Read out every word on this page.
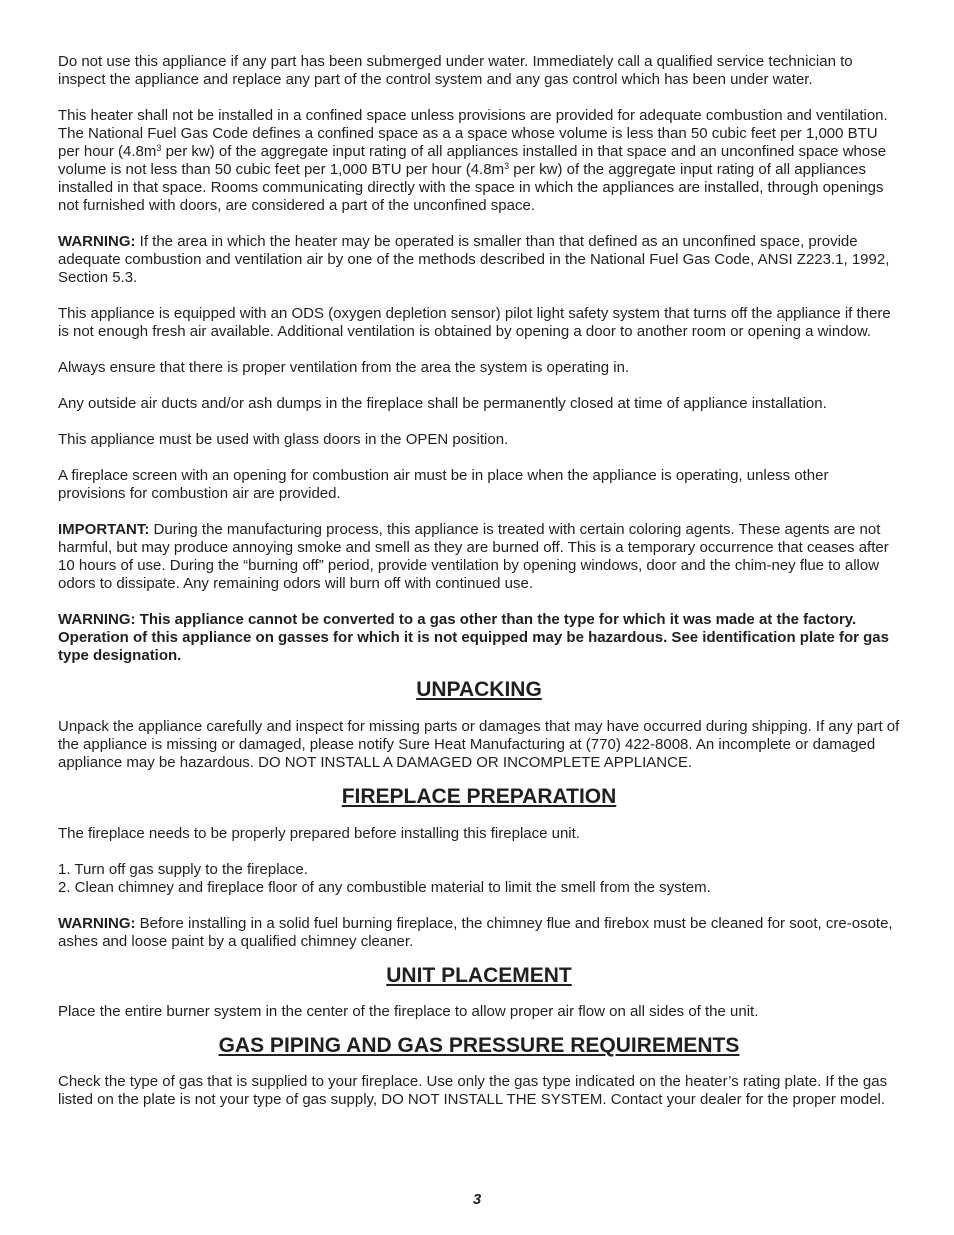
Do not use this appliance if any part has been submerged under water. Immediately call a qualified service technician to inspect the appliance and replace any part of the control system and any gas control which has been under water.

This heater shall not be installed in a confined space unless provisions are provided for adequate combustion and ventilation. The National Fuel Gas Code defines a confined space as a a space whose volume is less than 50 cubic feet per 1,000 BTU per hour ($4.8m^3$ per kw) of the aggregate input rating of all appliances installed in that space and an unconfined space whose volume is not less than 50 cubic feet per 1,000 BTU per hour ($4.8m^3$ per kw) of the aggregate input rating of all appliances installed in that space. Rooms communicating directly with the space in which the appliances are installed, through openings not furnished with doors, are considered a part of the unconfined space.

WARNING: If the area in which the heater may be operated is smaller than that defined as an unconfined space, provide adequate combustion and ventilation air by one of the methods described in the National Fuel Gas Code, ANSI Z223.1, 1992, Section 5.3.

This appliance is equipped with an ODS (oxygen depletion sensor) pilot light safety system that turns off the appliance if there is not enough fresh air available. Additional ventilation is obtained by opening a door to another room or opening a window.

Always ensure that there is proper ventilation from the area the system is operating in.

Any outside air ducts and/or ash dumps in the fireplace shall be permanently closed at time of appliance installation.

This appliance must be used with glass doors in the OPEN position.

A fireplace screen with an opening for combustion air must be in place when the appliance is operating, unless other provisions for combustion air are provided.

IMPORTANT: During the manufacturing process, this appliance is treated with certain coloring agents. These agents are not harmful, but may produce annoying smoke and smell as they are burned off. This is a temporary occurrence that ceases after 10 hours of use. During the “burning off” period, provide ventilation by opening windows, door and the chim-ney flue to allow odors to dissipate. Any remaining odors will burn off with continued use.

WARNING: This appliance cannot be converted to a gas other than the type for which it was made at the factory. Operation of this appliance on gasses for which it is not equipped may be hazardous. See identification plate for gas type designation.

UNPACKING

Unpack the appliance carefully and inspect for missing parts or damages that may have occurred during shipping. If any part of the appliance is missing or damaged, please notify Sure Heat Manufacturing at (770) 422-8008. An incomplete or damaged appliance may be hazardous. DO NOT INSTALL A DAMAGED OR INCOMPLETE APPLIANCE.

FIREPLACE PREPARATION

The fireplace needs to be properly prepared before installing this fireplace unit.

1. Turn off gas supply to the fireplace.
2. Clean chimney and fireplace floor of any combustible material to limit the smell from the system.

WARNING: Before installing in a solid fuel burning fireplace, the chimney flue and firebox must be cleaned for soot, cre-osote, ashes and loose paint by a qualified chimney cleaner.

UNIT PLACEMENT

Place the entire burner system in the center of the fireplace to allow proper air flow on all sides of the unit.

GAS PIPING AND GAS PRESSURE REQUIREMENTS

Check the type of gas that is supplied to your fireplace. Use only the gas type indicated on the heater’s rating plate. If the gas listed on the plate is not your type of gas supply, DO NOT INSTALL THE SYSTEM. Contact your dealer for the proper model.

3
